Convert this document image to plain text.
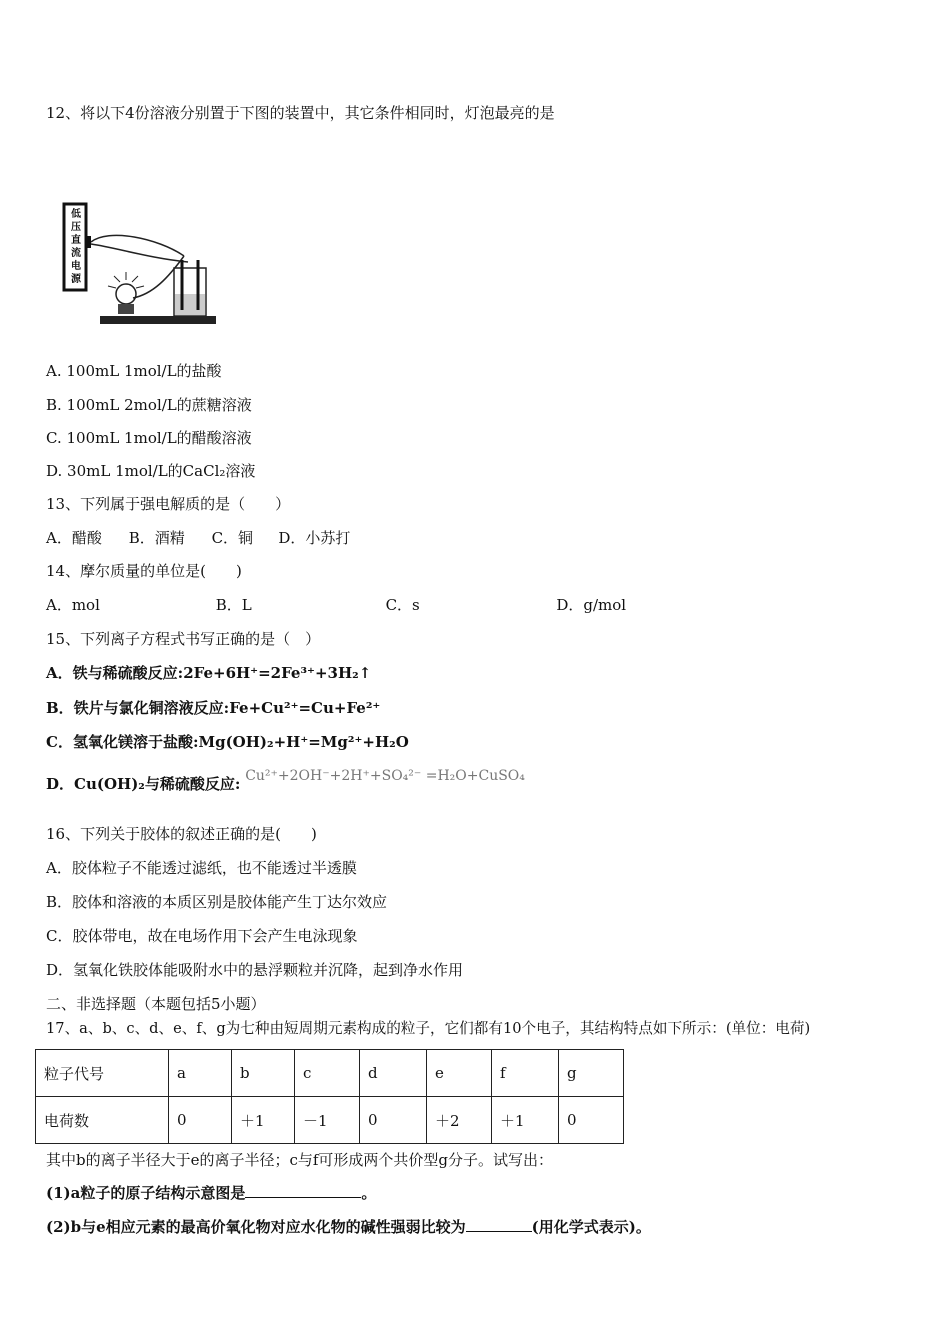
12、将以下4份溶液分别置于下图的装置中，其它条件相同时，灯泡最亮的是
低
压
直
流
电
源
A. 100mL 1mol/L的盐酸
B. 100mL 2mol/L的蔗糖溶液
C. 100mL 1mol/L的醋酸溶液
D. 30mL 1mol/L的CaCl₂溶液
13、下列属于强电解质的是（　　）
A．醋酸 B．酒精 C．铜 D．小苏打
14、摩尔质量的单位是(　　)
A．mol	B．L	C．s	D．g/mol
15、下列离子方程式书写正确的是（　）
A．铁与稀硫酸反应:2Fe+6H⁺=2Fe³⁺+3H₂↑
B．铁片与氯化铜溶液反应:Fe+Cu²⁺=Cu+Fe²⁺
C．氢氧化镁溶于盐酸:Mg(OH)₂+H⁺=Mg²⁺+H₂O
D．Cu(OH)₂与稀硫酸反应: Cu²⁺+2OH⁻+2H⁺+SO₄²⁻ =H₂O+CuSO₄
16、下列关于胶体的叙述正确的是(　　)
A．胶体粒子不能透过滤纸，也不能透过半透膜
B．胶体和溶液的本质区别是胶体能产生丁达尔效应
C．胶体带电，故在电场作用下会产生电泳现象
D．氢氧化铁胶体能吸附水中的悬浮颗粒并沉降，起到净水作用
二、非选择题（本题包括5小题）
17、a、b、c、d、e、f、g为七种由短周期元素构成的粒子，它们都有10个电子，其结构特点如下所示：(单位：电荷)
粒子代号	a	b	c	d	e	f	g
电荷数	0	＋1	－1	0	＋2	＋1	0
其中b的离子半径大于e的离子半径；c与f可形成两个共价型g分子。试写出：
(1)a粒子的原子结构示意图是	。
(2)b与e相应元素的最高价氧化物对应水化物的碱性强弱比较为	(用化学式表示)。
